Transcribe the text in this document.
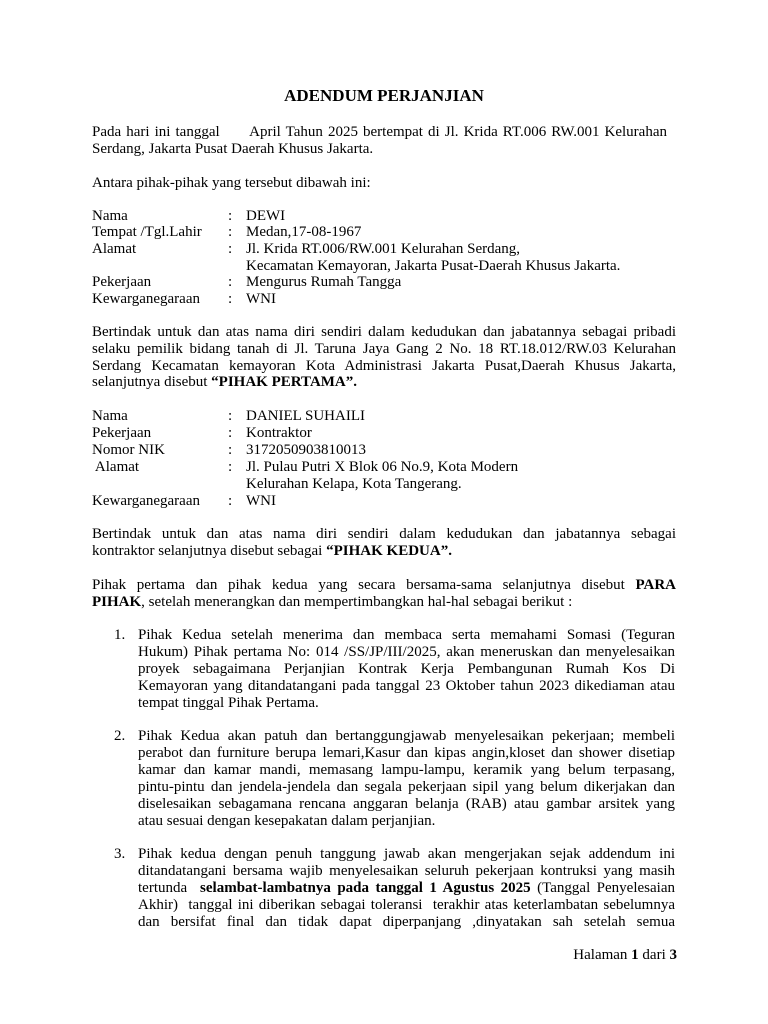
ADENDUM PERJANJIAN
Pada hari ini tanggal      April Tahun 2025 bertempat di Jl. Krida RT.006 RW.001 Kelurahan
Serdang, Jakarta Pusat Daerah Khusus Jakarta.
Antara pihak-pihak yang tersebut dibawah ini:
Nama	: DEWI
Tempat /Tgl.Lahir : Medan,17-08-1967
Alamat	: Jl. Krida RT.006/RW.001 Kelurahan Serdang,
Kecamatan Kemayoran, Jakarta Pusat-Daerah Khusus Jakarta.
Pekerjaan	: Mengurus Rumah Tangga
Kewarganegaraan : WNI
Bertindak untuk dan atas nama diri sendiri dalam kedudukan dan jabatannya sebagai pribadi
selaku pemilik bidang tanah di Jl. Taruna Jaya Gang 2 No. 18 RT.18.012/RW.03 Kelurahan
Serdang Kecamatan kemayoran Kota Administrasi Jakarta Pusat,Daerah Khusus Jakarta,
selanjutnya disebut “PIHAK PERTAMA”.
Nama	: DANIEL SUHAILI
Pekerjaan	: Kontraktor
Nomor NIK	: 3172050903810013
Alamat	: Jl. Pulau Putri X Blok 06 No.9, Kota Modern
Kelurahan Kelapa, Kota Tangerang.
Kewarganegaraan : WNI
Bertindak untuk dan atas nama diri sendiri dalam kedudukan dan jabatannya sebagai
kontraktor selanjutnya disebut sebagai “PIHAK KEDUA”.
Pihak pertama dan pihak kedua yang secara bersama-sama selanjutnya disebut PARA
PIHAK, setelah menerangkan dan mempertimbangkan hal-hal sebagai berikut :
1. Pihak Kedua setelah menerima dan membaca serta memahami Somasi (Teguran
Hukum) Pihak pertama No: 014 /SS/JP/III/2025, akan meneruskan dan menyelesaikan
proyek sebagaimana Perjanjian Kontrak Kerja Pembangunan Rumah Kos Di
Kemayoran yang ditandatangani pada tanggal 23 Oktober tahun 2023 dikediaman atau
tempat tinggal Pihak Pertama.
2. Pihak Kedua akan patuh dan bertanggungjawab menyelesaikan pekerjaan; membeli
perabot dan furniture berupa lemari,Kasur dan kipas angin,kloset dan shower disetiap
kamar dan kamar mandi, memasang lampu-lampu, keramik yang belum terpasang,
pintu-pintu dan jendela-jendela dan segala pekerjaan sipil yang belum dikerjakan dan
diselesaikan sebagamana rencana anggaran belanja (RAB) atau gambar arsitek yang
atau sesuai dengan kesepakatan dalam perjanjian.
3. Pihak kedua dengan penuh tanggung jawab akan mengerjakan sejak addendum ini
ditandatangani bersama wajib menyelesaikan seluruh pekerjaan kontruksi yang masih
tertunda  selambat-lambatnya pada tanggal 1 Agustus 2025 (Tanggal Penyelesaian
Akhir)  tanggal ini diberikan sebagai toleransi  terakhir atas keterlambatan sebelumnya
dan bersifat final dan tidak dapat diperpanjang ,dinyatakan sah setelah semua
Halaman 1 dari 3
